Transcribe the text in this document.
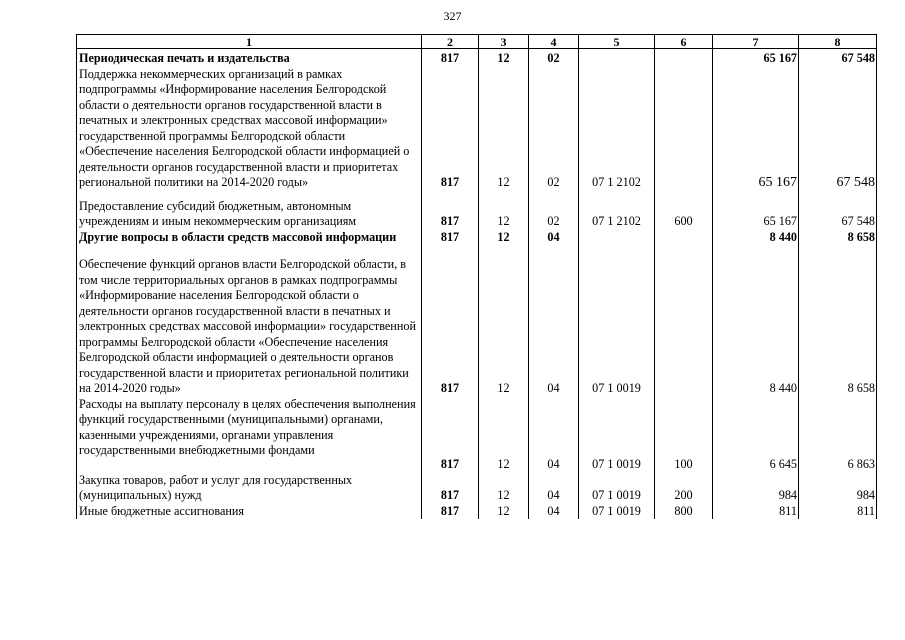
327
1	2	3	4	5	6	7	8
Периодическая печать и издательства	817	12	02			65 167	67 548
Поддержка некоммерческих организаций в рамках подпрограммы «Информирование населения Белгородской области о деятельности органов государственной власти в печатных и электронных средствах массовой информации» государственной программы Белгородской области «Обеспечение населения Белгородской области информацией о деятельности органов государственной власти и приоритетах региональной политики на 2014-2020 годы»	817	12	02	07 1 2102		65 167	67 548
Предоставление субсидий бюджетным, автономным учреждениям и иным некоммерческим организациям	817	12	02	07 1 2102	600	65 167	67 548
Другие вопросы в области средств массовой информации	817	12	04			8 440	8 658
Обеспечение функций органов власти Белгородской области, в том числе территориальных органов в рамках подпрограммы «Информирование населения Белгородской области о деятельности органов государственной власти в печатных и электронных средствах массовой информации» государственной программы Белгородской области «Обеспечение населения Белгородской области информацией о деятельности органов государственной власти и приоритетах региональной политики на 2014-2020 годы»	817	12	04	07 1 0019		8 440	8 658
Расходы на выплату персоналу в целях обеспечения выполнения функций государственными (муниципальными) органами, казенными учреждениями, органами управления государственными внебюджетными фондами	817	12	04	07 1 0019	100	6 645	6 863
Закупка товаров, работ и услуг для государственных (муниципальных) нужд	817	12	04	07 1 0019	200	984	984
Иные бюджетные ассигнования	817	12	04	07 1 0019	800	811	811
